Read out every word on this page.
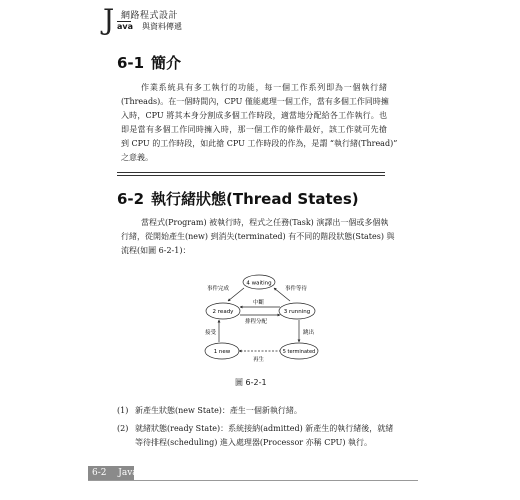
J 網路程式設計
ava 與資料傳遞
6-1 簡介
作業系統具有多工執行的功能，每一個工作系列即為一個執行緒
(Threads)。在一個時間內，CPU 僅能處理一個工作，當有多個工作同時擁
入時，CPU 將其本身分割成多個工作時段，適當地分配給各工作執行。也
即是當有多個工作同時擁入時，那一個工作的條件最好，該工作就可先搶
到 CPU 的工作時段，如此搶 CPU 工作時段的作為，是謂 “執行緒(Thread)”
之意義。
6-2 執行緒狀態(Thread States)
當程式(Program) 被執行時，程式之任務(Task) 演譯出一個或多個執
行緒，從開始產生(new) 到消失(terminated) 有不同的階段狀態(States) 與
流程(如圖 6-2-1)：
4 waiting
2 ready	3 running
1 new	5 terminated
事件完成	事件等待
中斷
排程分配
接受	跳出
再生
圖 6-2-1
(1) 新產生狀態(new State)：產生一個新執行緒。
(2) 就緒狀態(ready State)：系統接納(admitted) 新產生的執行緒後，就緒
等待排程(scheduling) 進入處理器(Processor 亦稱 CPU) 執行。
6-2 Java
